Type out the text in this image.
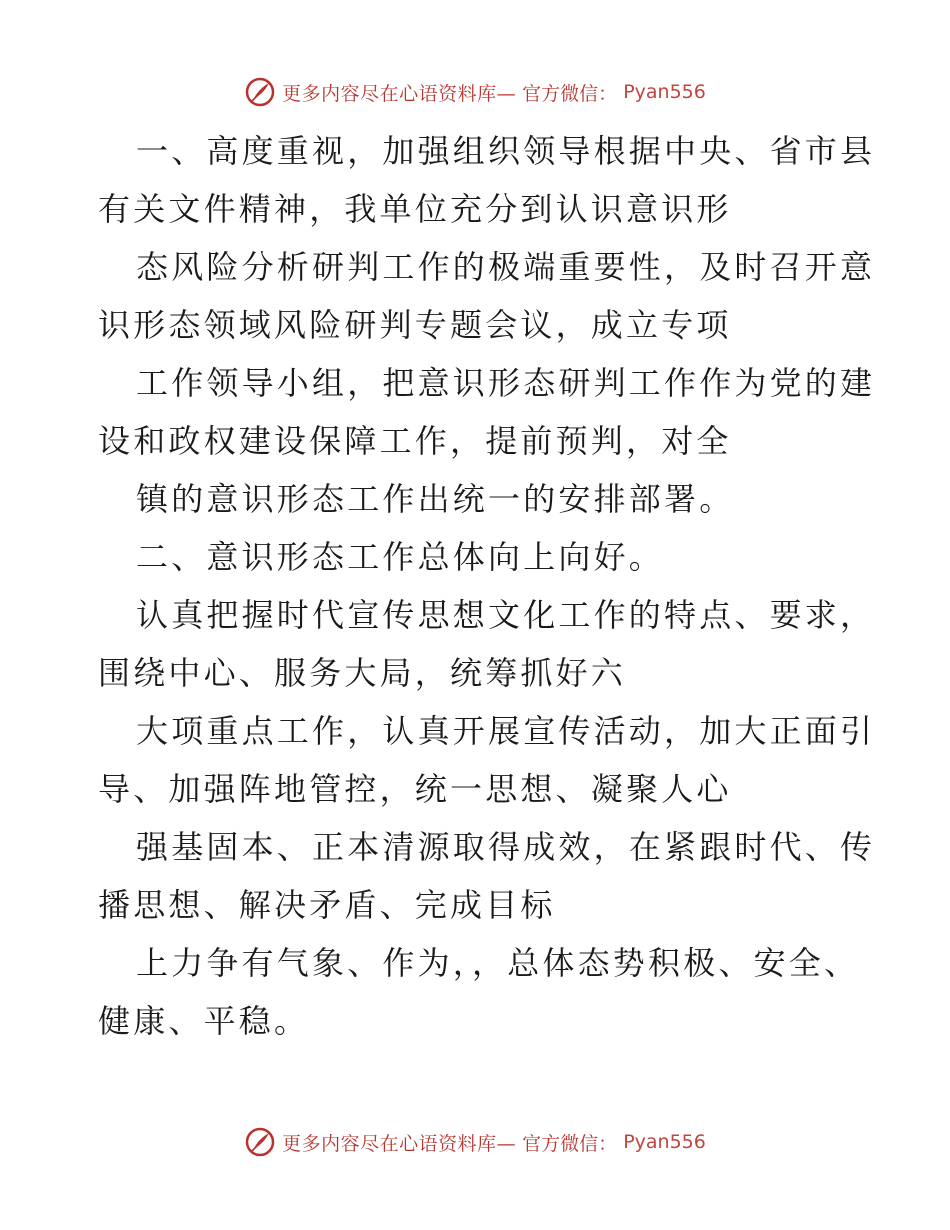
更多内容尽在心语资料库— 官方微信： Pyan556
一、高度重视，加强组织领导根据中央、省市县
有关文件精神，我单位充分到认识意识形
态风险分析研判工作的极端重要性，及时召开意
识形态领域风险研判专题会议，成立专项
工作领导小组，把意识形态研判工作作为党的建
设和政权建设保障工作，提前预判，对全
镇的意识形态工作出统一的安排部署。
二、意识形态工作总体向上向好。
认真把握时代宣传思想文化工作的特点、要求，
围绕中心、服务大局，统筹抓好六
大项重点工作，认真开展宣传活动，加大正面引
导、加强阵地管控，统一思想、凝聚人心
强基固本、正本清源取得成效，在紧跟时代、传
播思想、解决矛盾、完成目标
上力争有气象、作为，，总体态势积极、安全、
健康、平稳。
更多内容尽在心语资料库— 官方微信： Pyan556
